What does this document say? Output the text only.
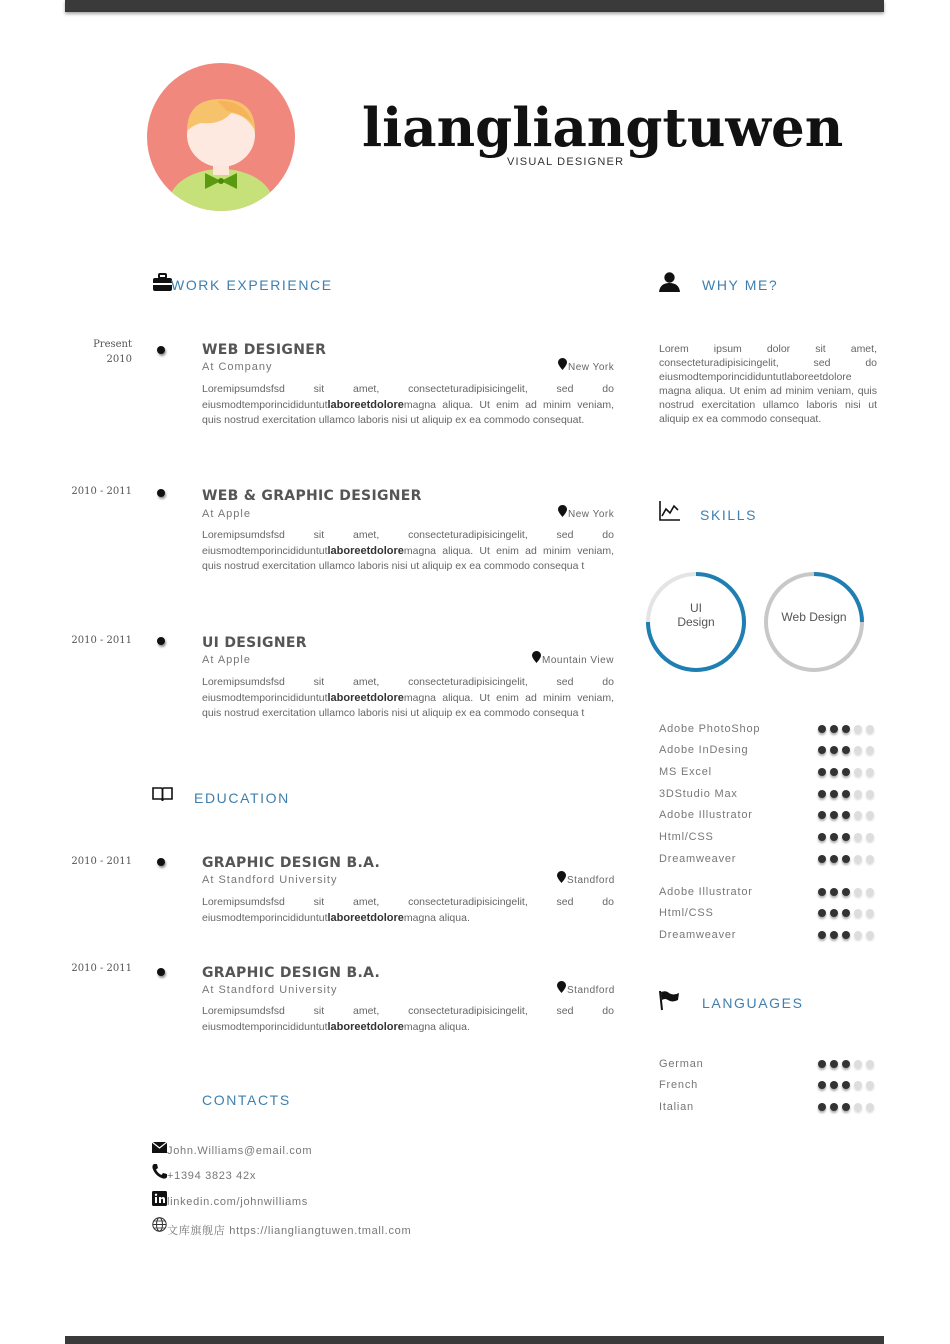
liangliangtuwen
VISUAL DESIGNER
WORK EXPERIENCE
Present
2010
WEB DESIGNER
At Company	New York
Loremipsumdsfsd sit amet, consecteturadipisicingelit, sed do eiusmodtemporincididuntutlaboreetdoloremagna aliqua. Ut enim ad minim veniam, quis nostrud exercitation ullamco laboris nisi ut aliquip ex ea commodo consequat.
2010 - 2011	WEB & GRAPHIC DESIGNER
At Apple	New York
Loremipsumdsfsd sit amet, consecteturadipisicingelit, sed do eiusmodtemporincididuntutlaboreetdoloremagna aliqua. Ut enim ad minim veniam, quis nostrud exercitation ullamco laboris nisi ut aliquip ex ea commodo consequa t
2010 - 2011	UI DESIGNER
At Apple	Mountain View
Loremipsumdsfsd sit amet, consecteturadipisicingelit, sed do eiusmodtemporincididuntutlaboreetdoloremagna aliqua. Ut enim ad minim veniam, quis nostrud exercitation ullamco laboris nisi ut aliquip ex ea commodo consequa t
EDUCATION
2010 - 2011	GRAPHIC DESIGN B.A.
At Standford University	Standford
Loremipsumdsfsd sit amet, consecteturadipisicingelit, sed do eiusmodtemporincididuntutlaboreetdoloremagna aliqua.
2010 - 2011	GRAPHIC DESIGN B.A.
At Standford University	Standford
Loremipsumdsfsd sit amet, consecteturadipisicingelit, sed do eiusmodtemporincididuntutlaboreetdoloremagna aliqua.
CONTACTS
John.Williams@email.com
+1394 3823 42x
linkedin.com/johnwilliams
文库旗舰店 https://liangliangtuwen.tmall.com
WHY ME?
Lorem ipsum dolor sit amet, consecteturadipisicingelit, sed do eiusmodtemporincididuntutlaboreetdolore magna aliqua. Ut enim ad minim veniam, quis nostrud exercitation ullamco laboris nisi ut aliquip ex ea commodo consequat.
SKILLS
UI
Design	Web Design
Adobe PhotoShop
Adobe InDesing
MS Excel
3DStudio Max
Adobe Illustrator
Html/CSS
Dreamweaver
Adobe Illustrator
Html/CSS
Dreamweaver
LANGUAGES
German
French
Italian
